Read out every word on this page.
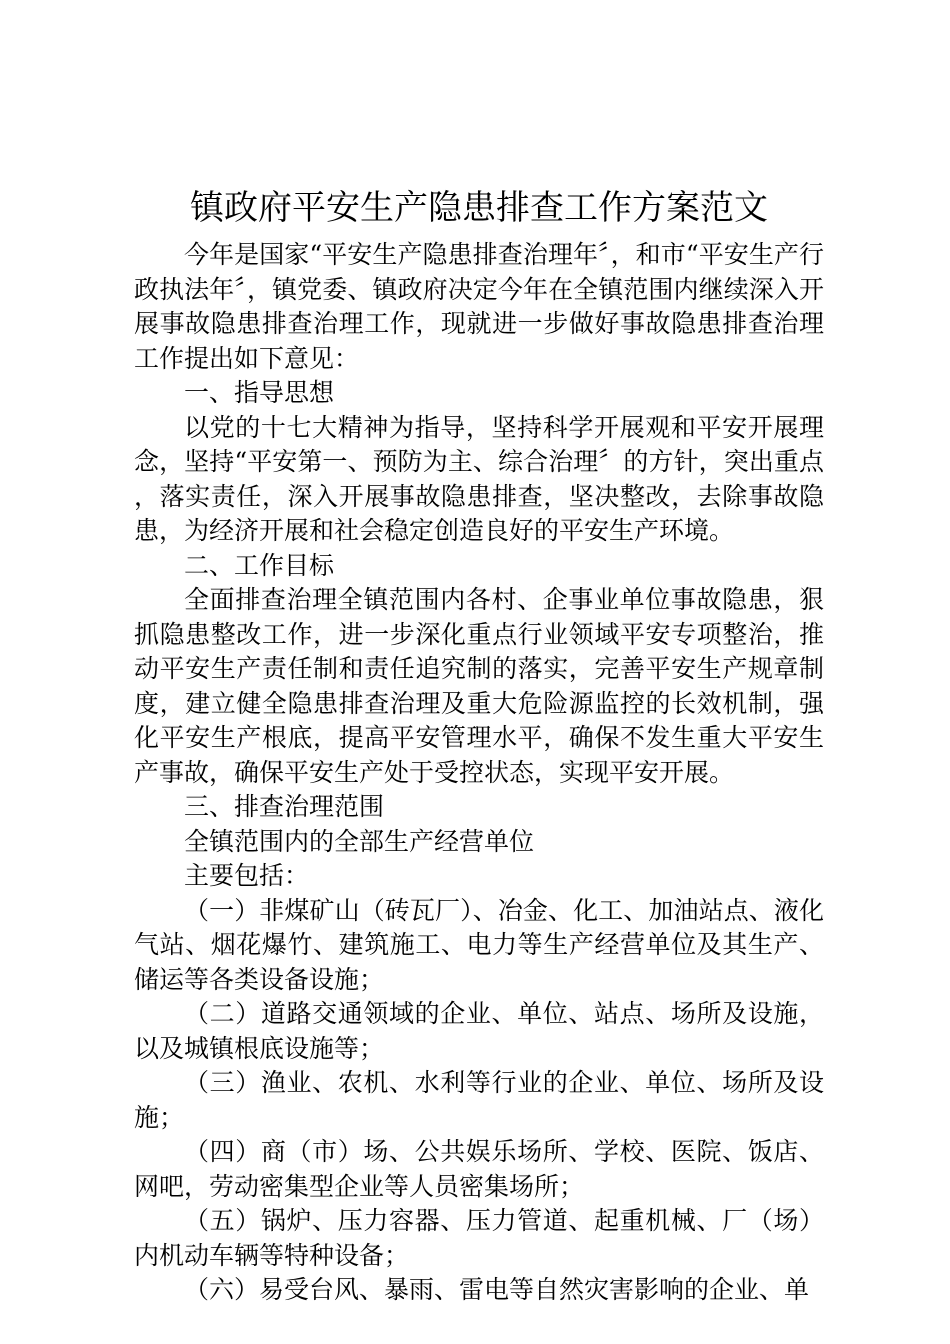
镇政府平安生产隐患排查工作方案范文

今年是国家“平安生产隐患排查治理年〞，和市“平安生产行政执法年〞，镇党委、镇政府决定今年在全镇范围内继续深入开展事故隐患排查治理工作，现就进一步做好事故隐患排查治理工作提出如下意见：

一、指导思想

以党的十七大精神为指导，坚持科学开展观和平安开展理念，坚持“平安第一、预防为主、综合治理〞的方针，突出重点，落实责任，深入开展事故隐患排查，坚决整改，去除事故隐患，为经济开展和社会稳定创造良好的平安生产环境。

二、工作目标

全面排查治理全镇范围内各村、企事业单位事故隐患，狠抓隐患整改工作，进一步深化重点行业领域平安专项整治，推动平安生产责任制和责任追究制的落实，完善平安生产规章制度，建立健全隐患排查治理及重大危险源监控的长效机制，强化平安生产根底，提高平安管理水平，确保不发生重大平安生产事故，确保平安生产处于受控状态，实现平安开展。

三、排查治理范围

全镇范围内的全部生产经营单位

主要包括：

（一）非煤矿山（砖瓦厂）、冶金、化工、加油站点、液化气站、烟花爆竹、建筑施工、电力等生产经营单位及其生产、储运等各类设备设施；

（二）道路交通领域的企业、单位、站点、场所及设施，以及城镇根底设施等；

（三）渔业、农机、水利等行业的企业、单位、场所及设施；

（四）商（市）场、公共娱乐场所、学校、医院、饭店、网吧，劳动密集型企业等人员密集场所；

（五）锅炉、压力容器、压力管道、起重机械、厂（场）内机动车辆等特种设备；

（六）易受台风、暴雨、雷电等自然灾害影响的企业、单
